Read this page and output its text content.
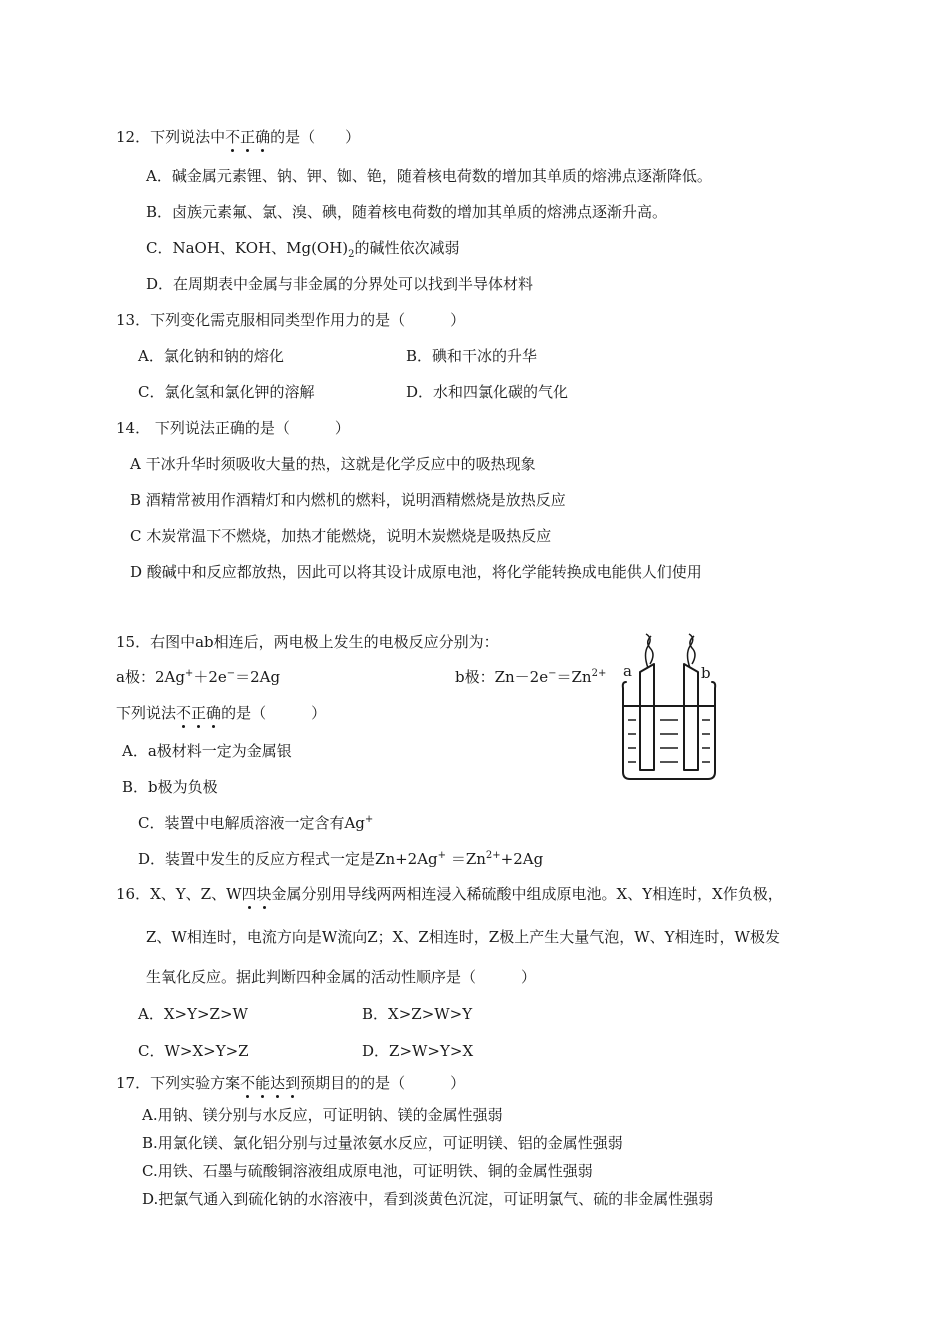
12．下列说法中不正确的是（　　）
A．碱金属元素锂、钠、钾、铷、铯，随着核电荷数的增加其单质的熔沸点逐渐降低。
B．卤族元素氟、氯、溴、碘，随着核电荷数的增加其单质的熔沸点逐渐升高。
C．NaOH、KOH、$Mg(OH)_2$的碱性依次减弱
D．在周期表中金属与非金属的分界处可以找到半导体材料
13．下列变化需克服相同类型作用力的是（　　　）
A．氯化钠和钠的熔化	B．碘和干冰的升华
C．氯化氢和氯化钾的溶解	D．水和四氯化碳的气化
14． 下列说法正确的是（　　　）
A 干冰升华时须吸收大量的热，这就是化学反应中的吸热现象
B 酒精常被用作酒精灯和内燃机的燃料，说明酒精燃烧是放热反应
C 木炭常温下不燃烧，加热才能燃烧，说明木炭燃烧是吸热反应
D 酸碱中和反应都放热，因此可以将其设计成原电池，将化学能转换成电能供人们使用
15．右图中ab相连后，两电极上发生的电极反应分别为：
a极：2Ag+＋2e−＝2Ag	b极：$Zn-2e^-=Zn^{2+}$
下列说法不正确的是（　　　）
A．a极材料一定为金属银
B．b极为负极
C．装置中电解质溶液一定含有Ag+
D．装置中发生的反应方程式一定是$Zn+2Ag^+ =Zn^{2+}+2Ag$
a	b
16．X、Y、Z、W四块金属分别用导线两两相连浸入稀硫酸中组成原电池。X、Y相连时，X作负极，
Z、W相连时，电流方向是W流向Z；X、Z相连时，Z极上产生大量气泡，W、Y相连时，W极发
生氧化反应。据此判断四种金属的活动性顺序是（　　　）
A．X>Y>Z>W	B．X>Z>W>Y
C．W>X>Y>Z	D．Z>W>Y>X
17．下列实验方案不能达到预期目的的是（　　　）
A.用钠、镁分别与水反应，可证明钠、镁的金属性强弱
B.用氯化镁、氯化铝分别与过量浓氨水反应，可证明镁、铝的金属性强弱
C.用铁、石墨与硫酸铜溶液组成原电池，可证明铁、铜的金属性强弱
D.把氯气通入到硫化钠的水溶液中，看到淡黄色沉淀，可证明氯气、硫的非金属性强弱
